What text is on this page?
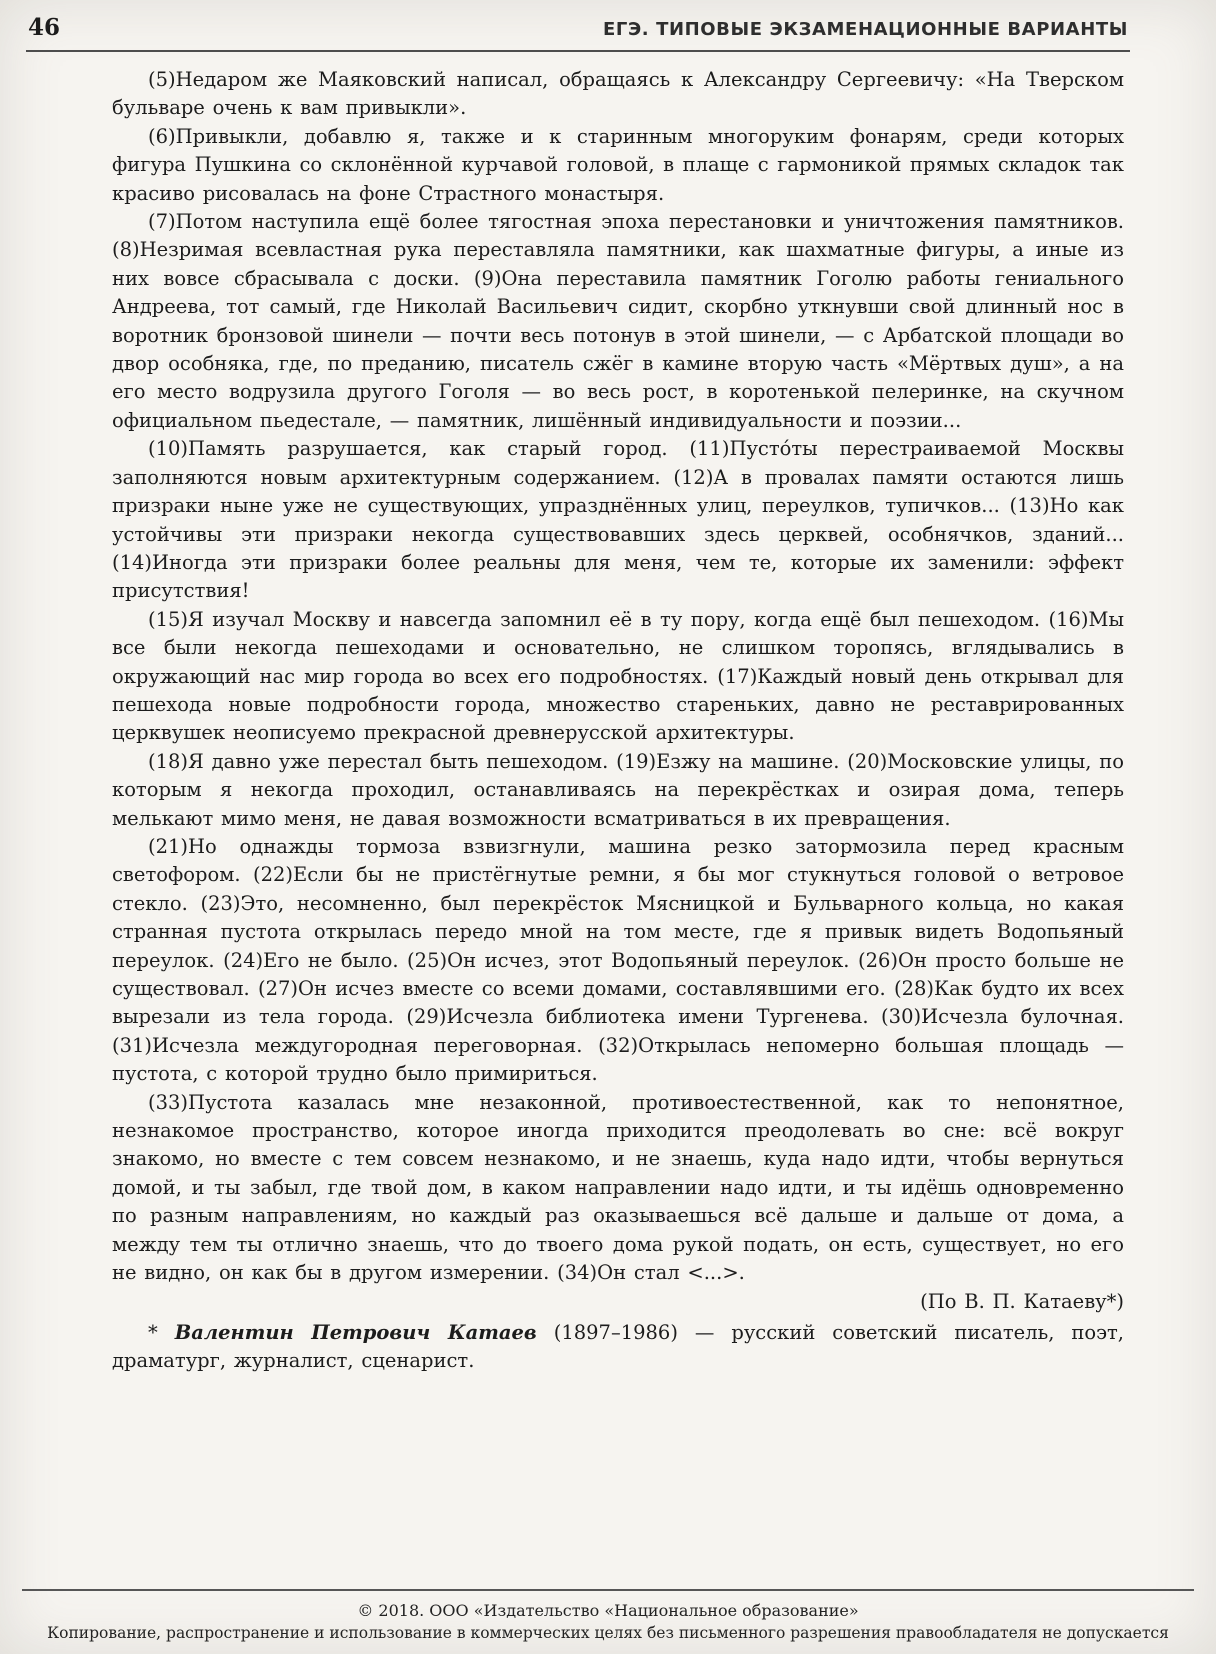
46	ЕГЭ. ТИПОВЫЕ ЭКЗАМЕНАЦИОННЫЕ ВАРИАНТЫ

(5)Недаром же Маяковский написал, обращаясь к Александру Сергеевичу: «На Тверском бульваре очень к вам привыкли».

(6)Привыкли, добавлю я, также и к старинным многоруким фонарям, среди которых фигура Пушкина со склонённой курчавой головой, в плаще с гармоникой прямых складок так красиво рисовалась на фоне Страстного монастыря.

(7)Потом наступила ещё более тягостная эпоха перестановки и уничтожения памятников. (8)Незримая всевластная рука переставляла памятники, как шахматные фигуры, а иные из них вовсе сбрасывала с доски. (9)Она переставила памятник Гоголю работы гениального Андреева, тот самый, где Николай Васильевич сидит, скорбно уткнувши свой длинный нос в воротник бронзовой шинели — почти весь потонув в этой шинели, — с Арбатской площади во двор особняка, где, по преданию, писатель сжёг в камине вторую часть «Мёртвых душ», а на его место водрузила другого Гоголя — во весь рост, в коротенькой пелеринке, на скучном официальном пьедестале, — памятник, лишённый индивидуальности и поэзии...

(10)Память разрушается, как старый город. (11)Пусто́ты перестраиваемой Москвы заполняются новым архитектурным содержанием. (12)А в провалах памяти остаются лишь призраки ныне уже не существующих, упразднённых улиц, переулков, тупичков... (13)Но как устойчивы эти призраки некогда существовавших здесь церквей, особнячков, зданий... (14)Иногда эти призраки более реальны для меня, чем те, которые их заменили: эффект присутствия!

(15)Я изучал Москву и навсегда запомнил её в ту пору, когда ещё был пешеходом. (16)Мы все были некогда пешеходами и основательно, не слишком торопясь, вглядывались в окружающий нас мир города во всех его подробностях. (17)Каждый новый день открывал для пешехода новые подробности города, множество стареньких, давно не реставрированных церквушек неописуемо прекрасной древнерусской архитектуры.

(18)Я давно уже перестал быть пешеходом. (19)Езжу на машине. (20)Московские улицы, по которым я некогда проходил, останавливаясь на перекрёстках и озирая дома, теперь мелькают мимо меня, не давая возможности всматриваться в их превращения.

(21)Но однажды тормоза взвизгнули, машина резко затормозила перед красным светофором. (22)Если бы не пристёгнутые ремни, я бы мог стукнуться головой о ветровое стекло. (23)Это, несомненно, был перекрёсток Мясницкой и Бульварного кольца, но какая странная пустота открылась передо мной на том месте, где я привык видеть Водопьяный переулок. (24)Его не было. (25)Он исчез, этот Водопьяный переулок. (26)Он просто больше не существовал. (27)Он исчез вместе со всеми домами, составлявшими его. (28)Как будто их всех вырезали из тела города. (29)Исчезла библиотека имени Тургенева. (30)Исчезла булочная. (31)Исчезла междугородная переговорная. (32)Открылась непомерно большая площадь — пустота, с которой трудно было примириться.

(33)Пустота казалась мне незаконной, противоестественной, как то непонятное, незнакомое пространство, которое иногда приходится преодолевать во сне: всё вокруг знакомо, но вместе с тем совсем незнакомо, и не знаешь, куда надо идти, чтобы вернуться домой, и ты забыл, где твой дом, в каком направлении надо идти, и ты идёшь одновременно по разным направлениям, но каждый раз оказываешься всё дальше и дальше от дома, а между тем ты отлично знаешь, что до твоего дома рукой подать, он есть, существует, но его не видно, он как бы в другом измерении. (34)Он стал <...>.

(По В. П. Катаеву*)

* Валентин Петрович Катаев (1897–1986) — русский советский писатель, поэт, драматург, журналист, сценарист.

© 2018. ООО «Издательство «Национальное образование»

Копирование, распространение и использование в коммерческих целях без письменного разрешения правообладателя не допускается
